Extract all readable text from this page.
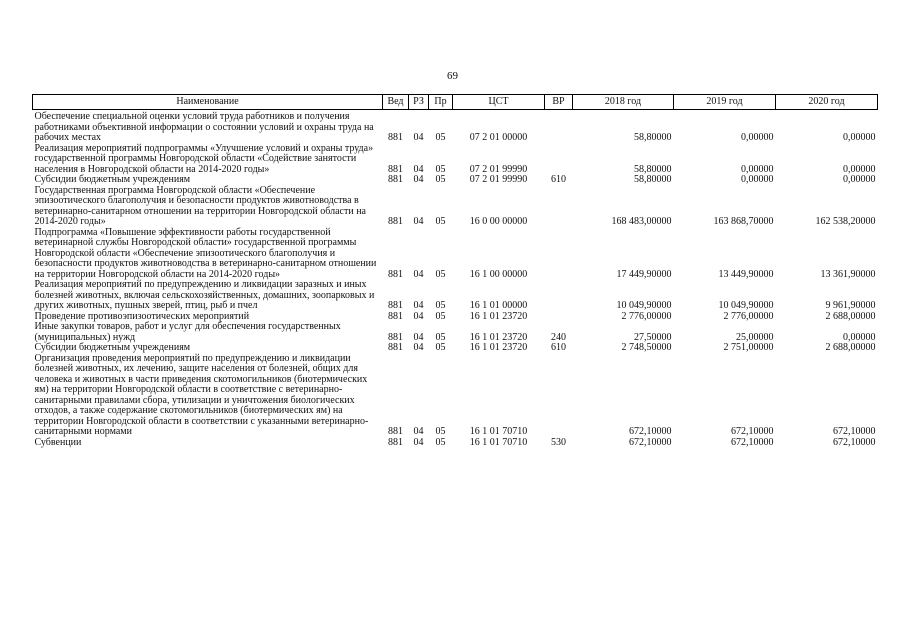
69
Наименование	Вед	РЗ	Пр	ЦСТ	ВР	2018 год	2019 год	2020 год
Обеспечение специальной оценки условий труда работников и получения работниками объективной информации о состоянии условий и охраны труда на рабочих местах	881	04	05	07 2 01 00000		58,80000	0,00000	0,00000
Реализация мероприятий подпрограммы «Улучшение условий и охраны труда» государственной программы Новгородской области «Содействие занятости населения в Новгородской области на 2014-2020 годы»	881	04	05	07 2 01 99990		58,80000	0,00000	0,00000
Субсидии бюджетным учреждениям	881	04	05	07 2 01 99990	610	58,80000	0,00000	0,00000
Государственная программа Новгородской области «Обеспечение эпизоотического благополучия и безопасности продуктов животноводства в ветеринарно-санитарном отношении на территории Новгородской области на 2014-2020 годы»	881	04	05	16 0 00 00000		168 483,00000	163 868,70000	162 538,20000
Подпрограмма «Повышение эффективности работы государственной ветеринарной службы Новгородской области» государственной программы Новгородской области «Обеспечение эпизоотического благополучия и безопасности продуктов животноводства в ветеринарно-санитарном отношении на территории Новгородской области на 2014-2020 годы»	881	04	05	16 1 00 00000		17 449,90000	13 449,90000	13 361,90000
Реализация мероприятий по предупреждению и ликвидации заразных и иных болезней животных, включая сельскохозяйственных, домашних, зоопарковых и других животных, пушных зверей, птиц, рыб и пчел	881	04	05	16 1 01 00000		10 049,90000	10 049,90000	9 961,90000
Проведение противоэпизоотических мероприятий	881	04	05	16 1 01 23720		2 776,00000	2 776,00000	2 688,00000
Иные закупки товаров, работ и услуг для обеспечения государственных (муниципальных) нужд	881	04	05	16 1 01 23720	240	27,50000	25,00000	0,00000
Субсидии бюджетным учреждениям	881	04	05	16 1 01 23720	610	2 748,50000	2 751,00000	2 688,00000
Организация проведения мероприятий по предупреждению и ликвидации болезней животных, их лечению, защите населения от болезней, общих для человека и животных в части приведения скотомогильников (биотермических ям) на территории Новгородской области в соответствие с ветеринарно-санитарными правилами сбора, утилизации и уничтожения биологических отходов, а также содержание скотомогильников (биотермических ям) на территории Новгородской области в соответствии с указанными ветеринарно-санитарными нормами	881	04	05	16 1 01 70710		672,10000	672,10000	672,10000
Субвенции	881	04	05	16 1 01 70710	530	672,10000	672,10000	672,10000
